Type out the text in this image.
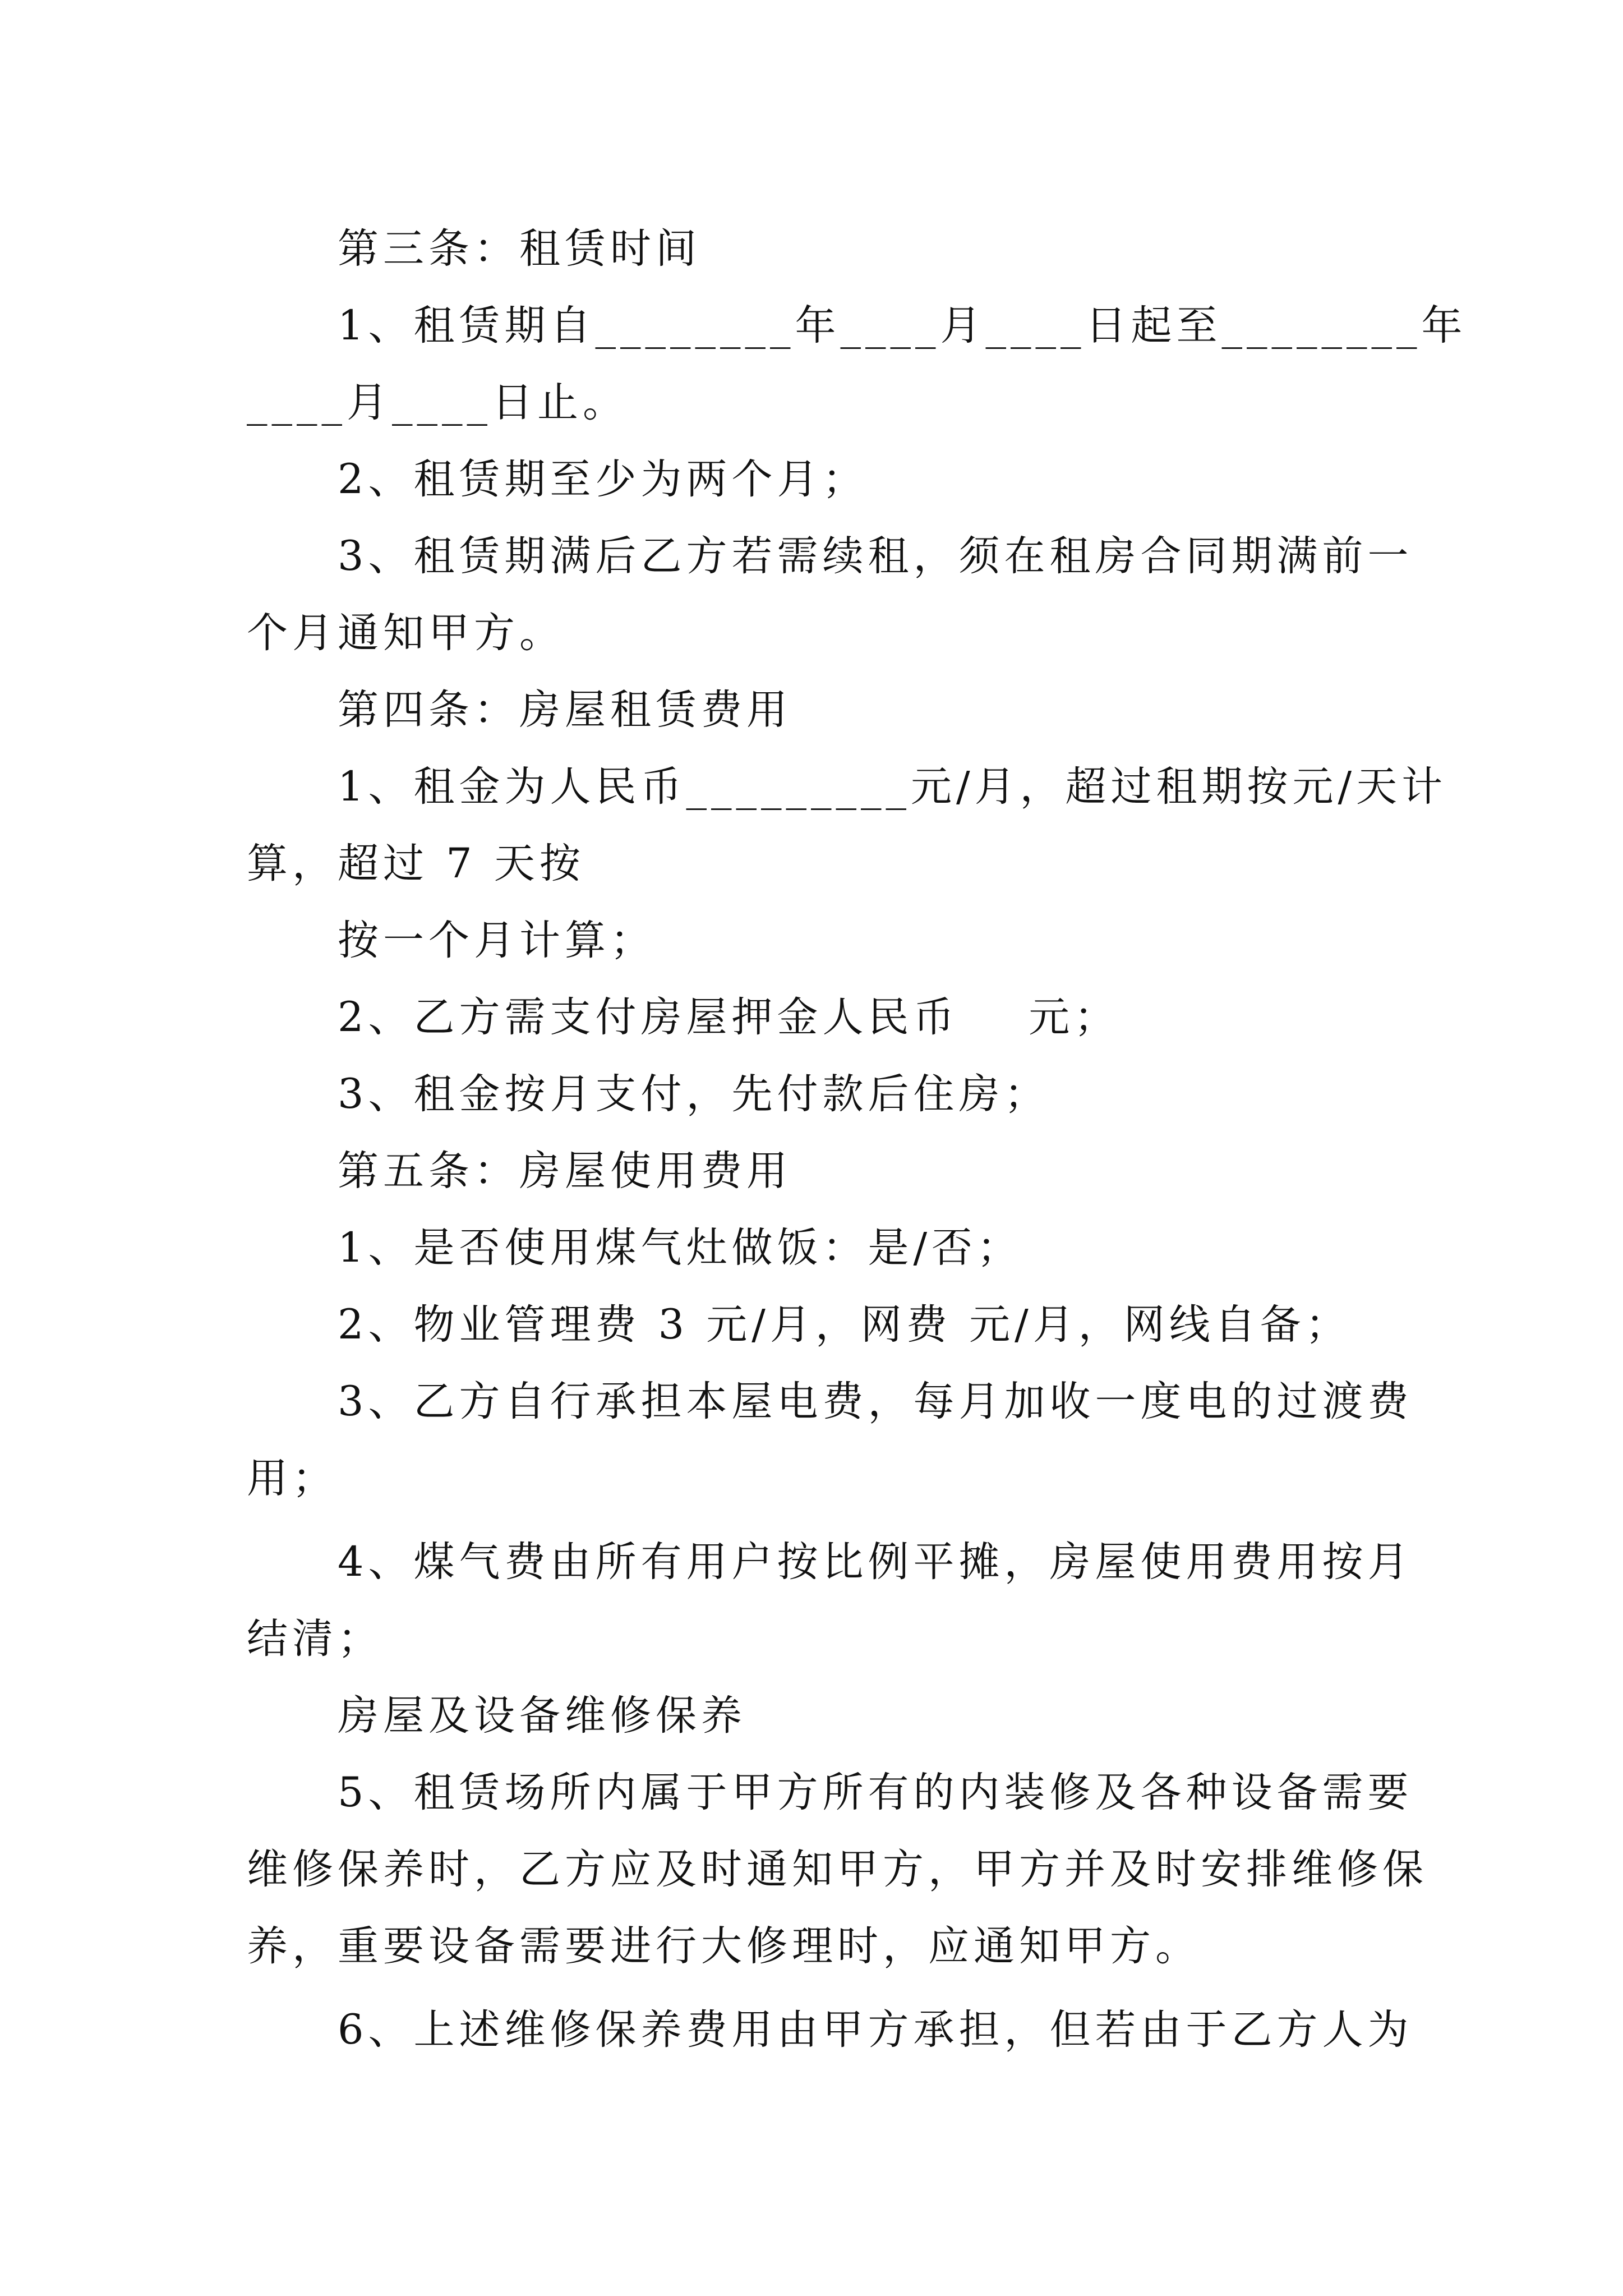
第三条：租赁时间
1、租赁期自________年____月____日起至________年
____月____日止。
2、租赁期至少为两个月；
3、租赁期满后乙方若需续租，须在租房合同期满前一
个月通知甲方。
第四条：房屋租赁费用
1、租金为人民币_________元/月，超过租期按元/天计
算，超过 7 天按
按一个月计算；
2、乙方需支付房屋押金人民币    元；
3、租金按月支付，先付款后住房；
第五条：房屋使用费用
1、是否使用煤气灶做饭：是/否；
2、物业管理费 3 元/月，网费 元/月，网线自备；
3、乙方自行承担本屋电费，每月加收一度电的过渡费
用；
4、煤气费由所有用户按比例平摊，房屋使用费用按月
结清；
房屋及设备维修保养
5、租赁场所内属于甲方所有的内装修及各种设备需要
维修保养时，乙方应及时通知甲方，甲方并及时安排维修保
养，重要设备需要进行大修理时，应通知甲方。
6、上述维修保养费用由甲方承担，但若由于乙方人为
